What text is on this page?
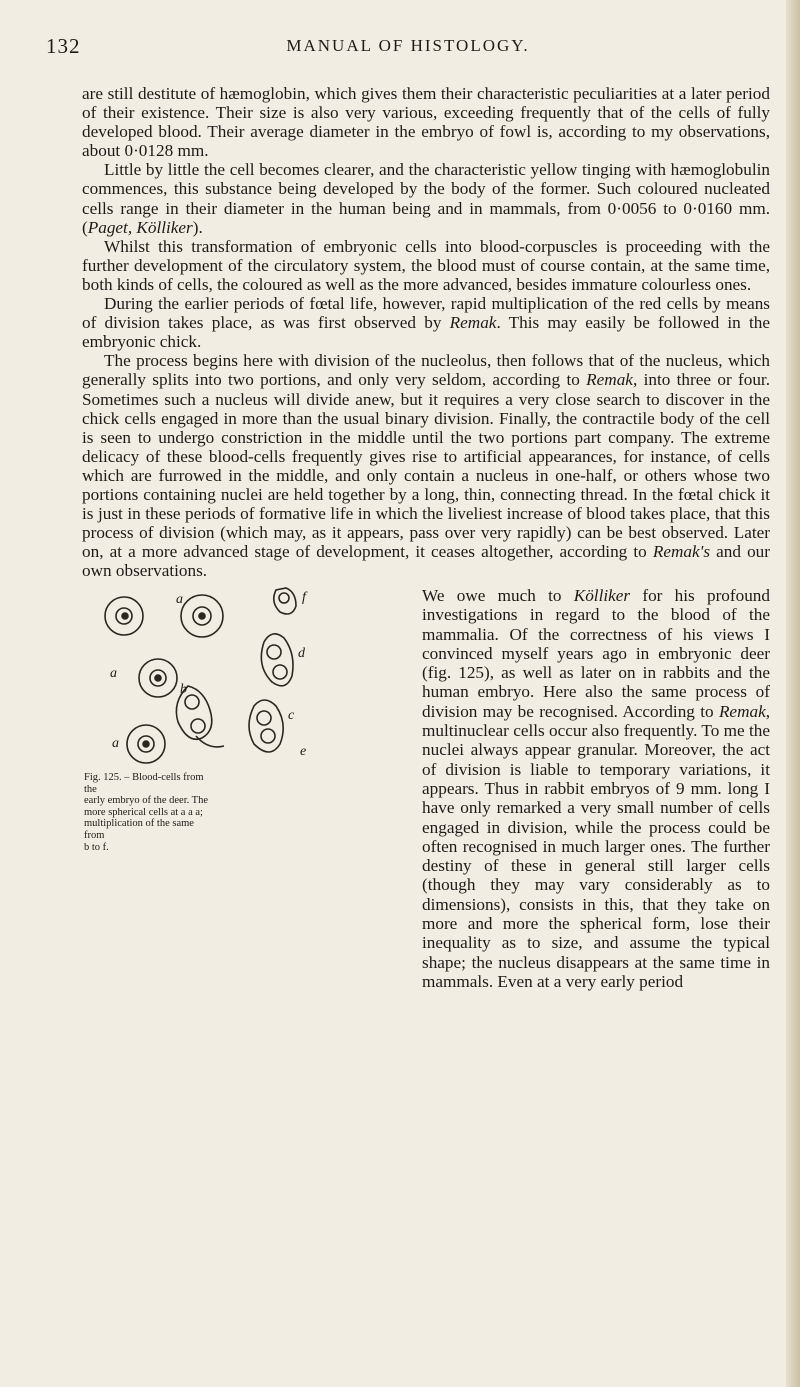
132	MANUAL OF HISTOLOGY.

are still destitute of hæmoglobin, which gives them their characteristic peculiarities at a later period of their existence. Their size is also very various, exceeding frequently that of the cells of fully developed blood. Their average diameter in the embryo of fowl is, according to my observations, about 0·0128 mm.

Little by little the cell becomes clearer, and the characteristic yellow tinging with hæmoglobulin commences, this substance being developed by the body of the former. Such coloured nucleated cells range in their diameter in the human being and in mammals, from 0·0056 to 0·0160 mm. (Paget, Kölliker).

Whilst this transformation of embryonic cells into blood-corpuscles is proceeding with the further development of the circulatory system, the blood must of course contain, at the same time, both kinds of cells, the coloured as well as the more advanced, besides immature colourless ones.

During the earlier periods of fœtal life, however, rapid multiplication of the red cells by means of division takes place, as was first observed by Remak. This may easily be followed in the embryonic chick.

The process begins here with division of the nucleolus, then follows that of the nucleus, which generally splits into two portions, and only very seldom, according to Remak, into three or four. Sometimes such a nucleus will divide anew, but it requires a very close search to discover in the chick cells engaged in more than the usual binary division. Finally, the contractile body of the cell is seen to undergo constriction in the middle until the two portions part company. The extreme delicacy of these blood-cells frequently gives rise to artificial appearances, for instance, of cells which are furrowed in the middle, and only contain a nucleus in one-half, or others whose two portions containing nuclei are held together by a long, thin, connecting thread. In the fœtal chick it is just in these periods of formative life in which the liveliest increase of blood takes place, that this process of division (which may, as it appears, pass over very rapidly) can be best observed. Later on, at a more advanced stage of development, it ceases altogether, according to Remak's and our own observations.

a
a
a
b
c
d
e
f	We owe much to Kölliker for his profound investigations in regard to the blood of the mammalia. Of the correctness of his views I convinced myself years ago in embryonic deer (fig. 125), as well as later on in rabbits and the human embryo. Here also the same process of division may be recognised. According to Remak, multinuclear cells occur also frequently. To me the nuclei always appear granular. Moreover, the act of division is liable to temporary variations, it appears. Thus in rabbit embryos of 9 mm. long I have only remarked a very small number of cells engaged in division, while the process could be often recognised in much larger ones. The further destiny of these in general still larger cells (though they may vary considerably as to dimensions), consists in this, that they take on more and more the spherical form, lose their inequality as to size, and assume the typical shape; the nucleus disappears at the same time in mammals. Even at a very early period

Fig. 125. – Blood-cells from the
early embryo of the deer. The
more spherical cells at a a a;
multiplication of the same from
b to f.
